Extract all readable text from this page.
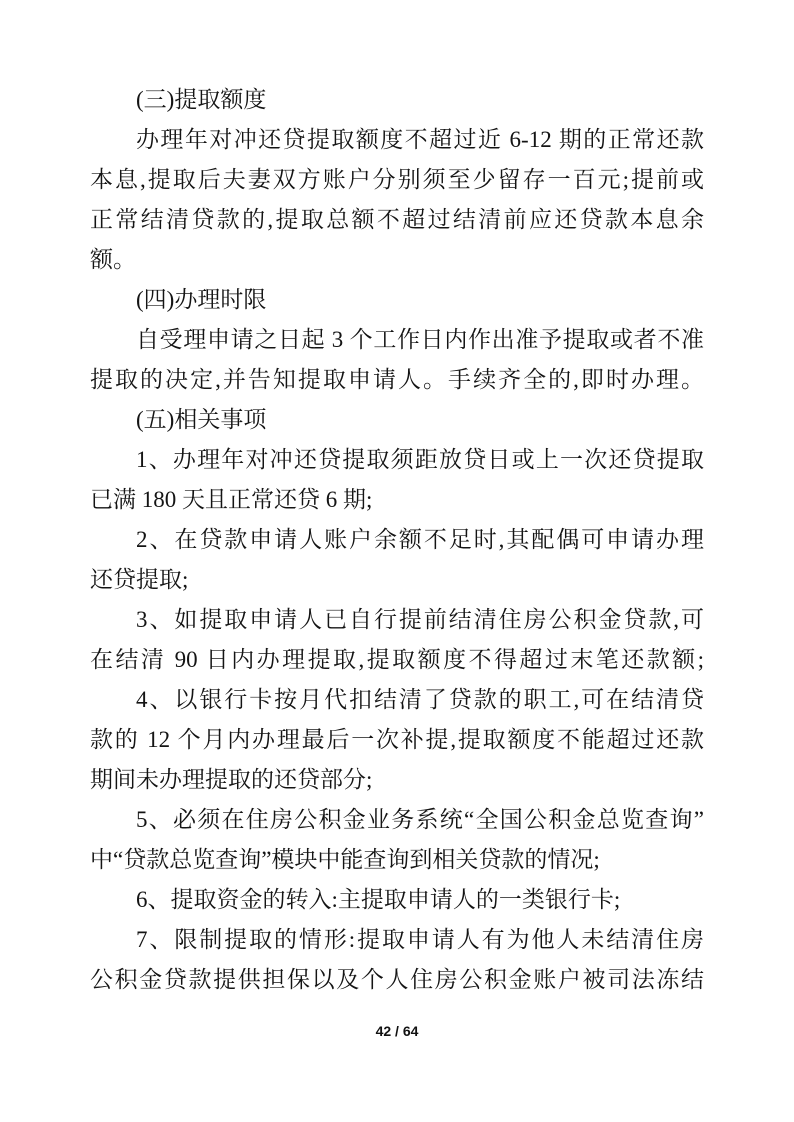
(三)提取额度
办理年对冲还贷提取额度不超过近 6-12 期的正常还款
本息,提取后夫妻双方账户分别须至少留存一百元;提前或
正常结清贷款的,提取总额不超过结清前应还贷款本息余
额。
(四)办理时限
自受理申请之日起 3 个工作日内作出准予提取或者不准
提取的决定,并告知提取申请人。手续齐全的,即时办理。
(五)相关事项
1、办理年对冲还贷提取须距放贷日或上一次还贷提取
已满 180 天且正常还贷 6 期;
2、在贷款申请人账户余额不足时,其配偶可申请办理
还贷提取;
3、如提取申请人已自行提前结清住房公积金贷款,可
在结清 90 日内办理提取,提取额度不得超过末笔还款额;
4、以银行卡按月代扣结清了贷款的职工,可在结清贷
款的 12 个月内办理最后一次补提,提取额度不能超过还款
期间未办理提取的还贷部分;
5、必须在住房公积金业务系统“全国公积金总览查询”
中“贷款总览查询”模块中能查询到相关贷款的情况;
6、提取资金的转入:主提取申请人的一类银行卡;
7、限制提取的情形:提取申请人有为他人未结清住房
公积金贷款提供担保以及个人住房公积金账户被司法冻结
42 / 64
